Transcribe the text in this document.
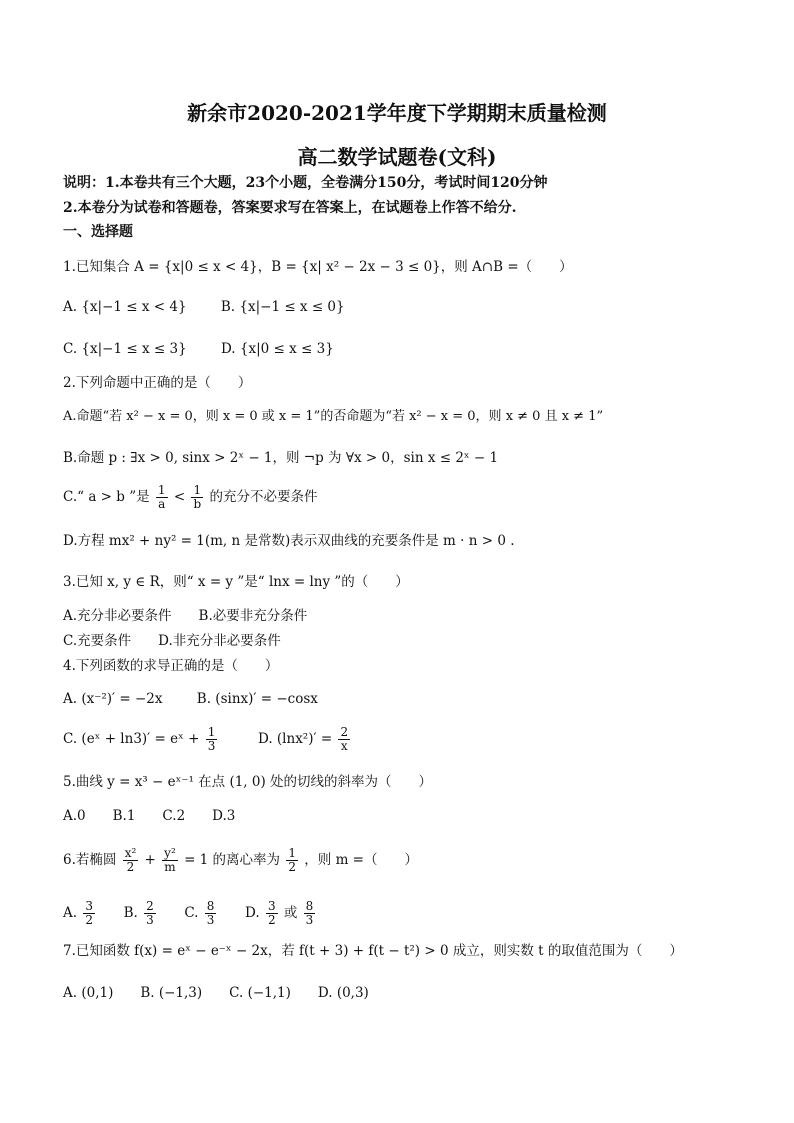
新余市2020-2021学年度下学期期末质量检测
高二数学试题卷(文科)
说明：1.本卷共有三个大题，23个小题，全卷满分150分，考试时间120分钟
2.本卷分为试卷和答题卷，答案要求写在答案上，在试题卷上作答不给分.
一、选择题
1.已知集合 A = {x|0 ≤ x < 4}，B = {x| x² − 2x − 3 ≤ 0}，则 A∩B =（　　）
A. {x|−1 ≤ x < 4}	B. {x|−1 ≤ x ≤ 0}
C. {x|−1 ≤ x ≤ 3}	D. {x|0 ≤ x ≤ 3}
2.下列命题中正确的是（　　）
A.命题“若 x² − x = 0，则 x = 0 或 x = 1”的否命题为“若 x² − x = 0，则 x ≠ 0 且 x ≠ 1”
B.命题 p : ∃x > 0, sinx > 2ˣ − 1，则 ¬p 为 ∀x > 0，sin x ≤ 2ˣ − 1
C.“ a > b ”是 $\frac{1}{a} < \frac{1}{b}$ 的充分不必要条件
D.方程 mx² + ny² = 1(m, n 是常数)表示双曲线的充要条件是 m · n > 0 .
3.已知 x, y ∈ R，则“ x = y ”是“ lnx = lny ”的（　　）
A.充分非必要条件　　B.必要非充分条件
C.充要条件　　D.非充分非必要条件
4.下列函数的求导正确的是（　　）
A. (x⁻²)′ = −2x	B. (sinx)′ = −cosx
C. (eˣ + ln3)′ = eˣ + $\frac{1}{3}$	D. $(\ln x^2)' = \frac{2}{x}$
5.曲线 y = x³ − eˣ⁻¹ 在点 (1, 0) 处的切线的斜率为（　　）
A.0　　B.1　　C.2　　D.3
6.若椭圆 $\frac{\text{x²}}{2} + \frac{\text{y²}}{m} = 1$ 的离心率为 $\frac{1}{2}$ ，则 m =（　　）
A. $\frac{3}{2} B$. $\frac{2}{3} C$. $\frac{8}{3} D$. $\frac{3}{2}$ 或 $\frac{8}{3}$
7.已知函数 f(x) = eˣ − e⁻ˣ − 2x，若 f(t + 3) + f(t − t²) > 0 成立，则实数 t 的取值范围为（　　）
A. (0,1)　　B. (−1,3)　　C. (−1,1)　　D. (0,3)
